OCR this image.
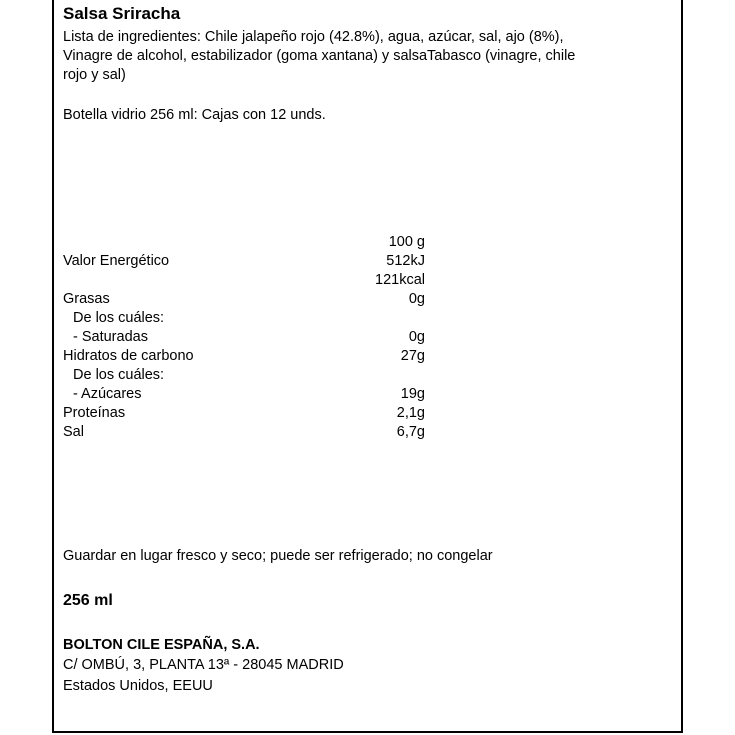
Salsa Sriracha
Lista de ingredientes: Chile jalapeño rojo (42.8%), agua, azúcar, sal, ajo (8%),
Vinagre de alcohol, estabilizador (goma xantana) y salsaTabasco (vinagre, chile
rojo y sal)
Botella vidrio 256 ml: Cajas con 12 unds.
100 g
Valor Energético	512kJ
121kcal
Grasas	0g
De los cuáles:
- Saturadas	0g
Hidratos de carbono	27g
De los cuáles:
- Azúcares	19g
Proteínas	2,1g
Sal	6,7g
Guardar en lugar fresco y seco; puede ser refrigerado; no congelar
256 ml
BOLTON CILE ESPAÑA, S.A.
C/ OMBÚ, 3, PLANTA 13ª - 28045 MADRID
Estados Unidos, EEUU
